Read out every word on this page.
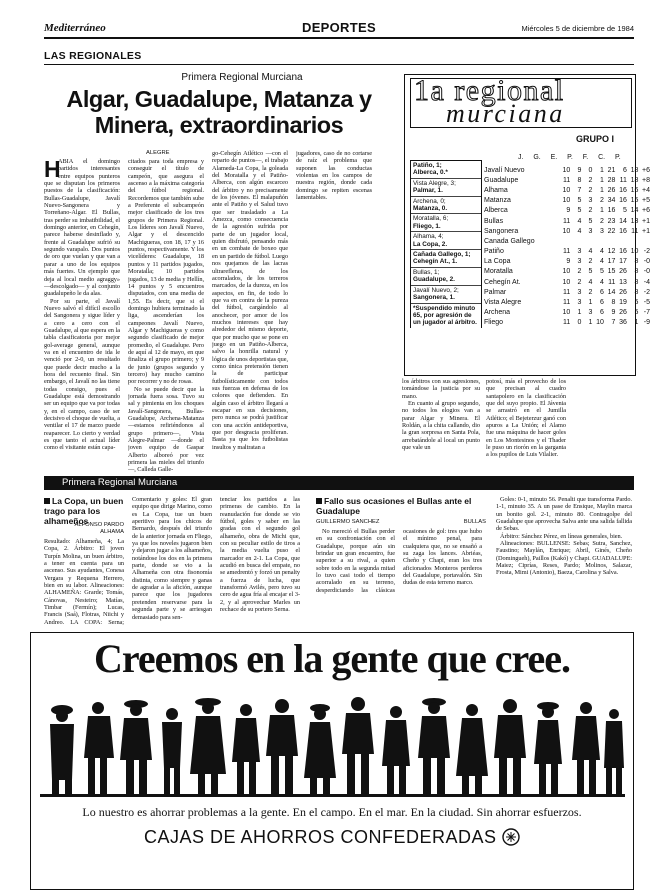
Mediterráneo	DEPORTES	Miércoles 5 de diciembre de 1984
LAS REGIONALES
Primera Regional Murciana
Algar, Guadalupe, Matanza y
Minera, extraordinarios
ALEGRE
H

ABIA el domingo partidos interesantes entre equipos punteros que se disputan los primeros puestos de la clasificación: Bullas-Guadalupe, Javalí Nuevo-Sangonera y Torreñano-Algar. El Bullas, tras perder su imbatibilidad, el domingo anterior, en Cehegín, parece haberse desinflado y, frente al Guadalupe sufrió su segundo varapalo. Dos puntos de oro que vuelan y que van a parar a uno de los equipos más fuertes. Un ejemplo que deja al local medio agraggy» —descolgado— y al conjunto guadalupeño le da alas.

Por su parte, el Javalí Nuevo salvó el difícil escollo del Sangonera y sigue líder y a cero a cero con el Guadalupe, al que espera en la tabla clasificatoria por mejor gol-average general, aunque va en el encuentro de ida le venció por 2-0, un resultado que puede decir mucho a la hora del recuento final. Sin embargo, el Javalí no las tiene todas consigo, pues el Guadalupe está demostrando ser un equipo que va por todas y, en el campo, caso de ser decisivo el choque de vuelta, a ventilar el 17 de marzo puede reaparecer. Lo cierto y verdad es que tanto el actual líder como el visitante están capa-

citados para toda empresa y conseguir el título de campeón, que asegura el ascenso a la máxima categoría del fútbol regional. Recordemos que también sube a Preferente el subcampeón mejor clasificado de los tres grupos de Primera Regional. Los líderes son Javalí Nuevo, Algar y el descencido Machigueras, con 18, 17 y 16 puntos, respectivamente. Y los vicelíderes: Guadalupe, 18 puntos y 11 partidos jugados, Moratalla; 10 partidos jugados, 13 de media y Hellín, 14 puntos y 5 encuentros disputados, con una media de 1,55. Es decir, que si el domingo hubiera terminado la liga, ascenderían los campeones Javalí Nuevo, Algar y Machigueras y como segundo clasificado de mejor promedio, el Guadalupe. Pero de aquí al 12 de mayo, en que finaliza el grupo primero; y 9 de junio (grupos segundo y tercero) hay mucho camino por recorrer y no de rosas.

No se puede decir que la jornada fuera sosa. Tuvo su sal y pimienta en los choques Javalí-Sangonera, Bullas-Guadalupe, Archena-Matanza —estamos refiriéndonos al grupo primero—, Vista Alegre-Palmar —donde el joven equipo de Gaspar Alberto alboreó por vez primera las mieles del triunfo—, Calleda Galle-

go-Cehegín Atlético —con el reparto de puntos—, el trabajo Alameda-La Copa, la goleada del Moratalla y el Patiño-Alberca, con algún escarceo del árbitro y no precisamente de los jóvenes. El malapuñón ante el Patiño y el Salud tuvo que ser trasladado a La Amezca, como consecuencia de la agresión sufrida por parte de un jugador local, quien disfrutó, pensando más en un combate de boxeo que en un partido de fútbol. Luego nos quejamos de las lacras ultrarefleras, de los acorralados, de los terreros marcados, de la dureza, en los aspectos, en fin, de todo lo que va en contra de la pureza del fútbol, cargándolo al anochecer, por amor de los muchos intereses que hay alrededor del mismo deporte, que por mucho que se pone en juego en un Patiño-Alberca, salvo la honrilla natural y lógica de unos deportistas que, como única pretensión tienen la de participar futbolísticamente con todos sus fuerzas en defensa de los colores que defienden. En algún caso el árbitro llegará a escapar en sus decisiones, pero nunca se podrá justificar con una acción antideportiva, que por desgracia proliferan. Basta ya que los futbolistas insultos y maltratan a

jugadores, caso de no cortarse de raíz el problema que suponen las conductas violentas en los campos de nuestra región, donde cada domingo se repiten escenas lamentables.

los árbitros con sus agresiones, tomándose la justicia por su mano.

En cuanto al grupo segundo, no todos los elogios van a parar Algar y Minera. El Roldán, a la chita callando, dio la gran sorpresa en Santa Pola, arrebatándole al local un punto que vale un

potosí, más el provecho de los que precisan al cuadro santapolero en la clasificación que del suyo propio. El Jávenia se arrastró en el Jumilla Atlético; el Bejeterzur ganó con apuros a La Unión; el Alamo fue una máquina de hacer goles en Los Montesinos y el Thader le puso un riorón en la garganta a los pupilos de Luis Vilalier.

1a regional
murciana
GRUPO I
J. G. E. P. F. C. P.
Patiño, 1;
Alberca, 0.*
Vista Alegre, 3;
Palmar, 1.
Archena, 0;
Matanza, 0.
Moratalla, 6;
Fliego, 1.
Alhama, 4;
La Copa, 2.
Cañada Gallego, 1;
Cehegín At., 1.
Bullas, 1;
Guadalupe, 2.
Javalí Nuevo, 2;
Sangonera, 1.
*Suspendido minuto 65, por agresión de un jugador al árbitro.
Javalí Nuevo	10	9	0	1	21	6	18	+6
Guadalupe	11	8	2	1	28	11	18	+8
Alhama	10	7	2	1	26	16	16	+4
Matanza	10	5	3	2	34	16	15	+5
Alberca	9	5	2	1	16	5	14	+6
Bullas	11	4	5	2	23	14	13	+1
Sangonera	10	4	3	3	22	16	11	+1
Canada Gallego								
Patiño	11	3	4	4	12	16	10	-2
La Copa	9	3	2	4	17	17	8	-0
Moratalla	10	2	5	5	15	26	8	-0
Cehegín At.	10	2	4	4	11	13	8	-4
Palmar	11	3	2	6	14	26	8	-2
Vista Alegre	11	3	1	6	8	19	5	-5
Archena	10	1	3	6	9	26	5	-7
Fliego	11	0	1	10	7	36	1	-9
Primera Regional Murciana
La Copa, un buen trago para los alhameños
ALFONSO PARDO
ALHAMA

Resultado: Alhameña, 4; La Copa, 2. Árbitro: El joven Turpín Molina, un buen árbitro, a tener en cuenta para un ascenso. Sus ayudantes, Conesa Vergara y Requena Herrero, bien en su labor. Alineaciones: ALHAMEÑA: Grarde; Tomás, Cánovas, Nesteiro; Matías, Timbar (Fermín); Lucas, Francis (Saá), Flotras, Niichi y Andreo. LA COPA: Serna;

Comentario y goles: El gran equipo que dirige Marino, como es La Copa, tue un buen aperitivo para los chicos de Bernardo, después del triunfo de la anterior jornada en Fliego, ya que los noveles jugaron bien y dejaron jugar a los alhameños, notándose los dos en la primera parte, donde se vio a la Alhameña con otra fisonomía distinta, como siempre y ganas de agradar a la afición, aunque parece que los jugadores pretenden reservarse para la segunda parte y se arriesgan demasiado para sen-

tenciar los partidos a las primeras de cambio. En la reanudación fue donde se vio fútbol, goles y saber en las gradas con el segundo gol alhameño, obra de Michi que, con su peculiar estilo de tiros a la media vuelta puso el marcador en 2-1. La Copa, que acudió en busca del empate, no se amedrentó y forzó un penalty a fuerza de lucha, que transformó Avilés, pero tuvo su cero de agua fría al encajar el 3-2, y al aprovechar Marles un rechace de su portero Serna.

Fallo sus ocasiones el Bullas ante el Guadalupe
GUILLERMO SANCHEZ	BULLAS

No mereció el Bullas perder en su confrontación con el Guadalupe, porque aún sin brindar un gran encuentro, fue superior a su rival, a quien sobre todo en la segunda mitad lo tuvo casi todo el tiempo acorralado en su terreno, desperdiciando las clásicas ocasiones de gol: tres que hubo el mínimo penal, para cualquiera que, no se ensañó a su zaga los lances. Abriéas, Cheño y Chapi, eran los tres aficionados Monteros perderos del Guadalupe, portavalón. Sin dudas de esta terreno marco.

Goles: 0-1, minuto 56. Penalti que transforma Pardo. 1-1, minuto 35. A un pase de Ensique, Maylin marca un bonito gol. 2-1, minuto 80. Contragolpe del Guadalupe que aprovecha Salva ante una salida fallida de Sebas.

Árbitro: Sánchez Pérez, en líneas generales, bien.

Alineaciones: BULLENSE: Sebas; Sutra, Sanchez, Faustino; Maylán, Enrique; Abril, Ginés, Cheño (Domingueh), Paillos (Kakó) y Chapi. GUADALUPE: Maiez; Ciprías, Reses, Pardo; Molinos, Salazar, Frosta, Mimi (Antonio), Baeza, Carolina y Salva.

Creemos en la gente que cree.
Lo nuestro es ahorrar problemas a la gente. En el campo. En el mar. En la ciudad. Sin ahorrar esfuerzos.
CAJAS DE AHORROS CONFEDERADAS
